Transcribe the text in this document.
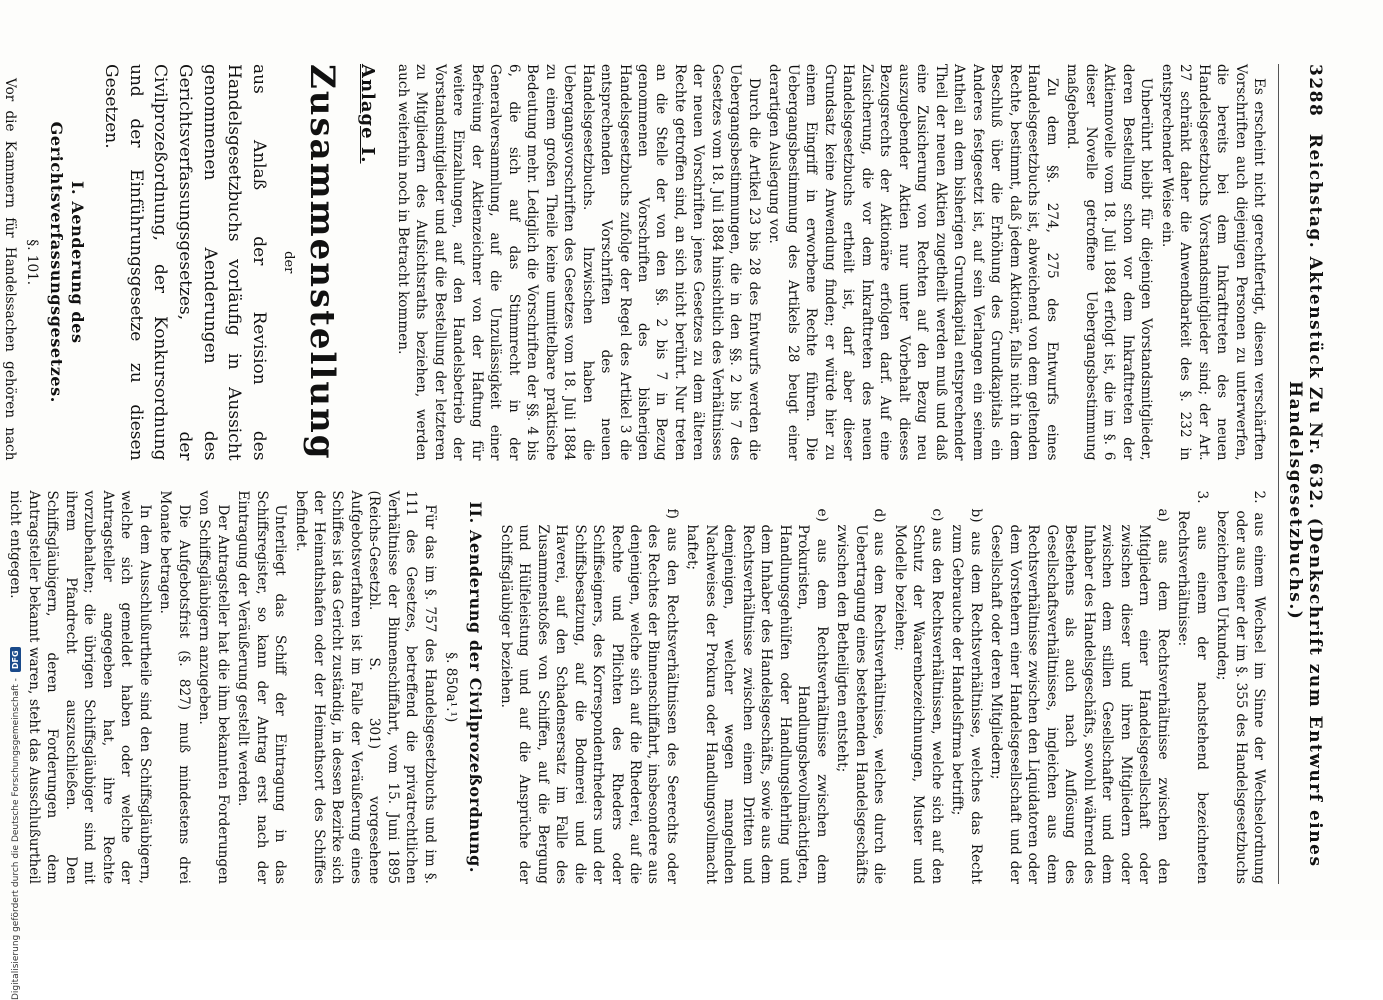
3288
Reichstag. Aktenstück Zu Nr. 632. (Denkschrift zum Entwurf eines Handelsgesetzbuchs.)

Es erscheint nicht gerechtfertigt, diesen verschärften Vorschriften auch diejenigen Personen zu unterwerfen, die bereits bei dem Inkrafttreten des neuen Handelsgesetzbuchs Vorstandsmitglieder sind; der Art. 27 schränkt daher die Anwendbarkeit des §. 232 in entsprechender Weise ein.

Unberührt bleibt für diejenigen Vorstandsmitglieder, deren Bestellung schon vor dem Inkrafttreten der Aktiennovelle vom 18. Juli 1884 erfolgt ist, die im §. 6 dieser Novelle getroffene Uebergangsbestimmung maßgebend.

Zu dem §§. 274, 275 des Entwurfs eines Handelsgesetzbuchs ist, abweichend von dem geltenden Rechte, bestimmt, daß jedem Aktionär, falls nicht in dem Beschluß über die Erhöhung des Grundkapitals ein Anderes festgesetzt ist, auf sein Verlangen ein seinem Antheil an dem bisherigen Grundkapital entsprechender Theil der neuen Aktien zugetheilt werden muß und daß eine Zusicherung von Rechten auf den Bezug neu auszugebender Aktien nur unter Vorbehalt dieses Bezugsrechts der Aktionäre erfolgen darf. Auf eine Zusicherung, die vor dem Inkrafttreten des neuen Handelsgesetzbuchs ertheilt ist, darf aber dieser Grundsatz keine Anwendung finden; er würde hier zu einem Eingriff in erworbene Rechte führen. Die Uebergangsbestimmung des Artikels 28 beugt einer derartigen Auslegung vor.

Durch die Artikel 23 bis 28 des Entwurfs werden die Uebergangsbestimmungen, die in den §§. 2 bis 7 des Gesetzes vom 18. Juli 1884 hinsichtlich des Verhältnisses der neuen Vorschriften jenes Gesetzes zu dem älteren Rechte getroffen sind, an sich nicht berührt. Nur treten an die Stelle der von den §§. 2 bis 7 in Bezug genommenen Vorschriften des bisherigen Handelsgesetzbuchs zufolge der Regel des Artikel 3 die entsprechenden Vorschriften des neuen Handelsgesetzbuchs. Inzwischen haben die Uebergangsvorschriften des Gesetzes vom 18. Juli 1884 zu einem großen Theile keine unmittelbare praktische Bedeutung mehr. Lediglich die Vorschriften der §§. 4 bis 6, die sich auf das Stimmrecht in der Generalversammlung, auf die Unzulässigkeit einer Befreiung der Aktienzeichner von der Haftung für weitere Einzahlungen, auf den Handelsbetrieb der Vorstandsmitglieder und auf die Bestellung der letzteren zu Mitgliedern des Aufsichtsraths beziehen, werden auch weiterhin noch in Betracht kommen.

Anlage I.
Zusammenstellung
der
aus Anlaß der Revision des Handelsgesetzbuchs vorläufig in Aussicht genommenen Aenderungen des Gerichtsverfassungsgesetzes, der Civilprozeßordnung, der Konkursordnung und der Einführungsgesetze zu diesen Gesetzen.
I. Aenderung des Gerichtsverfassungsgesetzes.
§. 101.

Vor die Kammern für Handelssachen gehören nach

2. aus einem Wechsel im Sinne der Wechselordnung oder aus einer der im §. 355 des Handelsgesetzbuchs bezeichneten Urkunden;
3. aus einem der nachstehend bezeichneten Rechtsverhältnisse:
a) aus dem Rechtsverhältnisse zwischen den Mitgliedern einer Handelsgesellschaft oder zwischen dieser und ihren Mitgliedern oder zwischen dem stillen Gesellschafter und dem Inhaber des Handelsgeschäfts, sowohl während des Bestehens als auch nach Auflösung des Gesellschaftsverhältnisses, ingleichen aus dem Rechtsverhältnisse zwischen den Liquidatoren oder dem Vorstehern einer Handelsgesellschaft und der Gesellschaft oder deren Mitgliedern;
b) aus dem Rechtsverhältnisse, welches das Recht zum Gebrauche der Handelsfirma betrifft;
c) aus den Rechtsverhältnissen, welche sich auf den Schutz der Waarenbezeichnungen, Muster und Modelle beziehen;
d) aus dem Rechtsverhältnisse, welches durch die Uebertragung eines bestehenden Handelsgeschäfts zwischen den Betheiligten entsteht;
e) aus dem Rechtsverhältnisse zwischen dem Prokuristen, Handlungsbevollmächtigten, Handlungsgehülfen oder Handlungslehrling und dem Inhaber des Handelsgeschäfts, sowie aus dem Rechtsverhältnisse zwischen einem Dritten und demjenigen, welcher wegen mangelnden Nachweises der Prokura oder Handlungsvollmacht haftet;
f) aus den Rechtsverhältnissen des Seerechts oder des Rechtes der Binnenschiffahrt, insbesondere aus denjenigen, welche sich auf die Rhederei, auf die Rechte und Pflichten des Rheders oder Schiffseigners, des Korrespondentrheders und der Schiffsbesatzung, auf die Bodmerei und die Haverei, auf den Schadensersatz im Falle des Zusammenstoßes von Schiffen, auf die Bergung und Hülfeleistung und auf die Ansprüche der Schiffsgläubiger beziehen.
II. Aenderung der Civilprozeßordnung.
§. 850a¹.¹)

Für das im §. 757 des Handelsgesetzbuchs und im §. 111 des Gesetzes, betreffend die privatrechtlichen Verhältnisse der Binnenschiffahrt, vom 15. Juni 1895 (Reichs-Gesetzbl. S. 301) vorgesehene Aufgebotsverfahren ist im Falle der Veräußerung eines Schiffes ist das Gericht zuständig, in dessen Bezirke sich der Heimathshafen oder der Heimathsort des Schiffes befindet.

Unterliegt das Schiff der Eintragung in das Schiffsregister, so kann der Antrag erst nach der Eintragung der Veräußerung gestellt werden.

Der Antragsteller hat die ihm bekannten Forderungen von Schiffsgläubigern anzugeben.

Die Aufgebotsfrist (§. 827) muß mindestens drei Monate betragen.

In dem Ausschlußurtheile sind den Schiffsgläubigern, welche sich gemeldet haben oder welche der Antragsteller angegeben hat, ihre Rechte vorzubehalten; die übrigen Schiffsgläubiger sind mit ihrem Pfandrecht auszuschließen. Den Schiffsgläubigern, deren Forderungen dem Antragsteller bekannt waren, steht das Ausschlußurtheil nicht entgegen.

Digitalisierung gefördert durch die Deutsche Forschungsgemeinschaft -
DFG
